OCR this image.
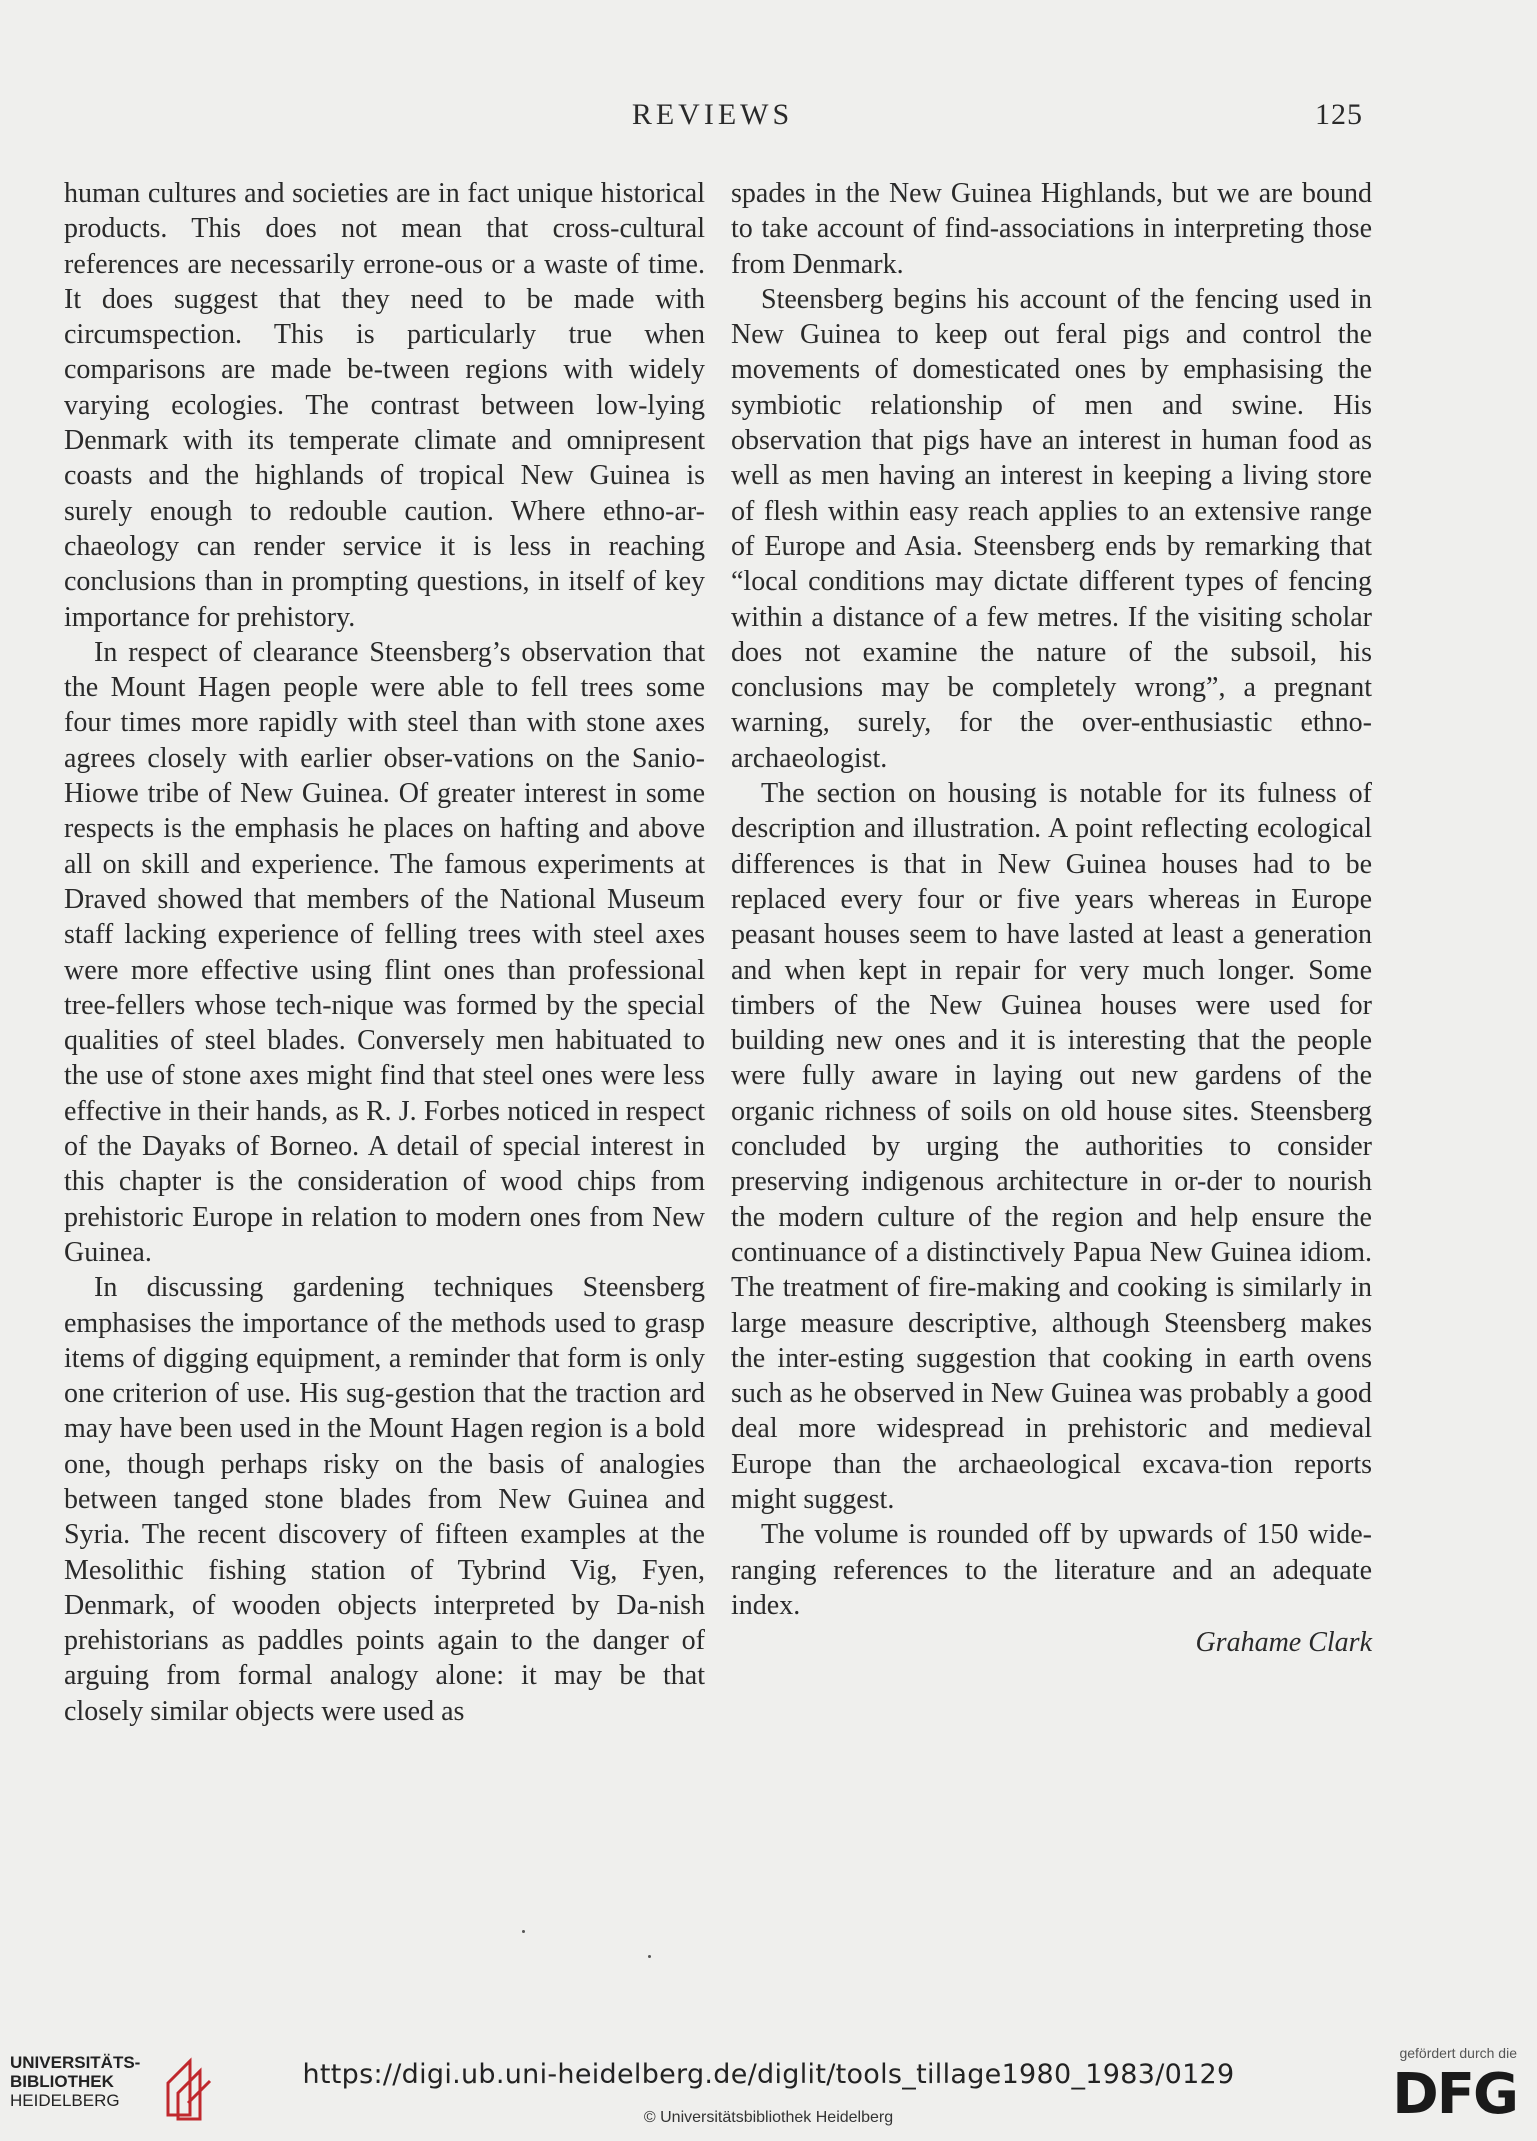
REVIEWS	125

human cultures and societies are in fact unique historical products. This does not mean that cross-cultural references are necessarily errone-ous or a waste of time. It does suggest that they need to be made with circumspection. This is particularly true when comparisons are made be-tween regions with widely varying ecologies. The contrast between low-lying Denmark with its temperate climate and omnipresent coasts and the highlands of tropical New Guinea is surely enough to redouble caution. Where ethno-ar-chaeology can render service it is less in reaching conclusions than in prompting questions, in itself of key importance for prehistory.

In respect of clearance Steensberg’s observation that the Mount Hagen people were able to fell trees some four times more rapidly with steel than with stone axes agrees closely with earlier obser-vations on the Sanio-Hiowe tribe of New Guinea. Of greater interest in some respects is the emphasis he places on hafting and above all on skill and experience. The famous experiments at Draved showed that members of the National Museum staff lacking experience of felling trees with steel axes were more effective using flint ones than professional tree-fellers whose tech-nique was formed by the special qualities of steel blades. Conversely men habituated to the use of stone axes might find that steel ones were less effective in their hands, as R. J. Forbes noticed in respect of the Dayaks of Borneo. A detail of special interest in this chapter is the consideration of wood chips from prehistoric Europe in relation to modern ones from New Guinea.

In discussing gardening techniques Steensberg emphasises the importance of the methods used to grasp items of digging equipment, a reminder that form is only one criterion of use. His sug-gestion that the traction ard may have been used in the Mount Hagen region is a bold one, though perhaps risky on the basis of analogies between tanged stone blades from New Guinea and Syria. The recent discovery of fifteen examples at the Mesolithic fishing station of Tybrind Vig, Fyen, Denmark, of wooden objects interpreted by Da-nish prehistorians as paddles points again to the danger of arguing from formal analogy alone: it may be that closely similar objects were used as

spades in the New Guinea Highlands, but we are bound to take account of find-associations in interpreting those from Denmark.

Steensberg begins his account of the fencing used in New Guinea to keep out feral pigs and control the movements of domesticated ones by emphasising the symbiotic relationship of men and swine. His observation that pigs have an interest in human food as well as men having an interest in keeping a living store of flesh within easy reach applies to an extensive range of Europe and Asia. Steensberg ends by remarking that “local conditions may dictate different types of fencing within a distance of a few metres. If the visiting scholar does not examine the nature of the subsoil, his conclusions may be completely wrong”, a pregnant warning, surely, for the over-enthusiastic ethno-archaeologist.

The section on housing is notable for its fulness of description and illustration. A point reflecting ecological differences is that in New Guinea houses had to be replaced every four or five years whereas in Europe peasant houses seem to have lasted at least a generation and when kept in repair for very much longer. Some timbers of the New Guinea houses were used for building new ones and it is interesting that the people were fully aware in laying out new gardens of the organic richness of soils on old house sites. Steensberg concluded by urging the authorities to consider preserving indigenous architecture in or-der to nourish the modern culture of the region and help ensure the continuance of a distinctively Papua New Guinea idiom. The treatment of fire-making and cooking is similarly in large measure descriptive, although Steensberg makes the inter-esting suggestion that cooking in earth ovens such as he observed in New Guinea was probably a good deal more widespread in prehistoric and medieval Europe than the archaeological excava-tion reports might suggest.

The volume is rounded off by upwards of 150 wide-ranging references to the literature and an adequate index.

Grahame Clark
UNIVERSITÄTS-
BIBLIOTHEK
HEIDELBERG
https://digi.ub.uni-heidelberg.de/diglit/tools_tillage1980_1983/0129
© Universitätsbibliothek Heidelberg
gefördert durch die
DFG
